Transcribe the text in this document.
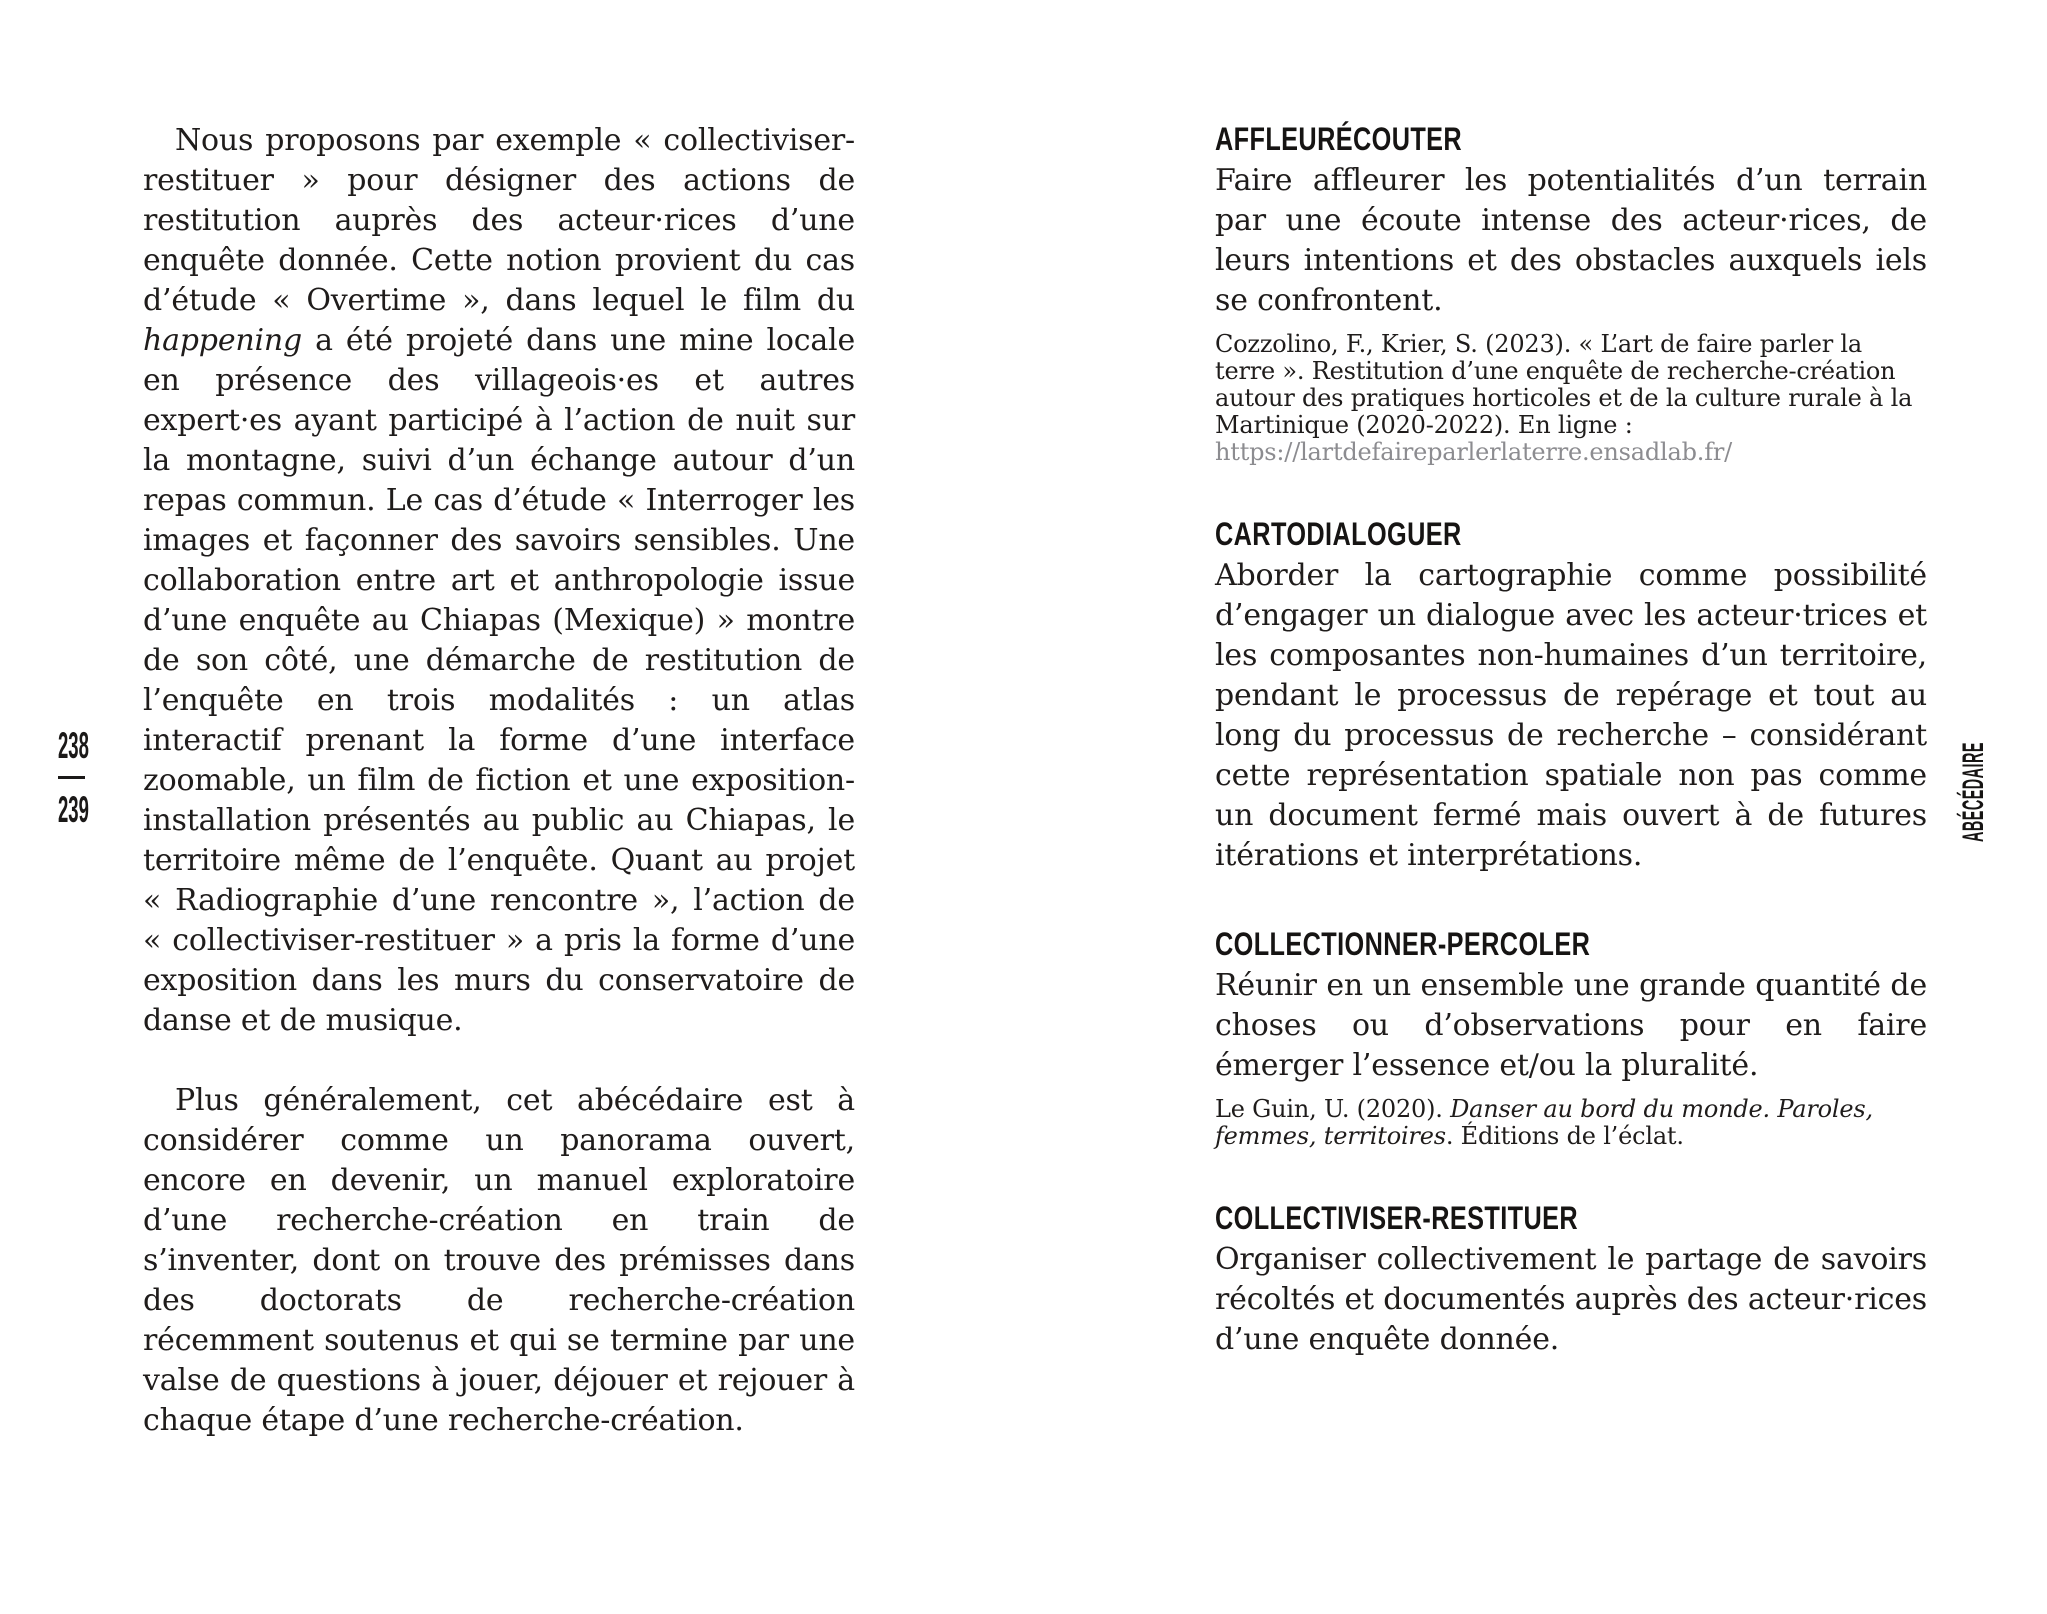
238
239

Nous proposons par exemple « collectiviser-restituer » pour désigner des actions de restitution auprès des acteur·rices d’une enquête donnée. Cette notion provient du cas d’étude « Overtime », dans lequel le film du happening a été projeté dans une mine locale en présence des villageois·es et autres expert·es ayant participé à l’action de nuit sur la montagne, suivi d’un échange autour d’un repas commun. Le cas d’étude « Interroger les images et façonner des savoirs sensibles. Une collaboration entre art et anthropologie issue d’une enquête au Chiapas (Mexique) » montre de son côté, une démarche de restitution de l’enquête en trois modalités : un atlas interactif prenant la forme d’une interface zoomable, un film de fiction et une exposition-installation présentés au public au Chiapas, le territoire même de l’enquête. Quant au projet « Radiographie d’une rencontre », l’action de « collectiviser-restituer » a pris la forme d’une exposition dans les murs du conservatoire de danse et de musique.

Plus généralement, cet abécédaire est à considérer comme un panorama ouvert, encore en devenir, un manuel exploratoire d’une recherche-création en train de s’inventer, dont on trouve des prémisses dans des doctorats de recherche-création récemment soutenus et qui se termine par une valse de questions à jouer, déjouer et rejouer à chaque étape d’une recherche-création.

AFFLEURÉCOUTER

Faire affleurer les potentialités d’un terrain par une écoute intense des acteur·rices, de leurs intentions et des obstacles auxquels iels se confrontent.

Cozzolino, F., Krier, S. (2023). « L’art de faire parler la terre ». Restitution d’une enquête de recherche-création autour des pratiques horticoles et de la culture rurale à la Martinique (2020-2022). En ligne : https://lartdefaireparlerlaterre.ensadlab.fr/

CARTODIALOGUER

Aborder la cartographie comme possibilité d’engager un dialogue avec les acteur·trices et les composantes non-humaines d’un territoire, pendant le processus de repérage et tout au long du processus de recherche – considérant cette représentation spatiale non pas comme un document fermé mais ouvert à de futures itérations et interprétations.

COLLECTIONNER-PERCOLER

Réunir en un ensemble une grande quantité de choses ou d’observations pour en faire émerger l’essence et/ou la pluralité.

Le Guin, U. (2020). Danser au bord du monde. Paroles, femmes, territoires. Éditions de l’éclat.

COLLECTIVISER-RESTITUER

Organiser collectivement le partage de savoirs récoltés et documentés auprès des acteur·rices d’une enquête donnée.

ABÉCÉDAIRE
